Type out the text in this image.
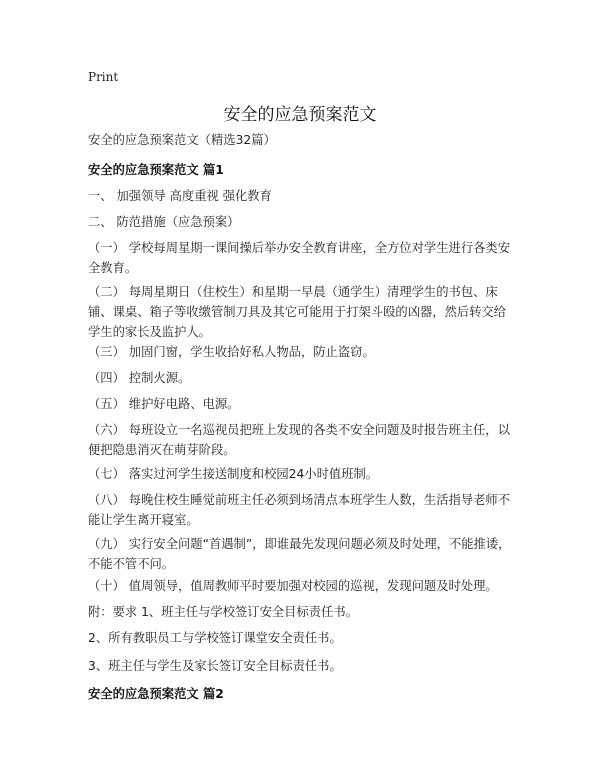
Print
安全的应急预案范文
安全的应急预案范文（精选32篇）
安全的应急预案范文 篇1
一、 加强领导 高度重视 强化教育
二、 防范措施（应急预案）
（一） 学校每周星期一课间操后举办安全教育讲座，全方位对学生进行各类安全教育。
（二） 每周星期日（住校生）和星期一早晨（通学生）清理学生的书包、床铺、课桌、箱子等收缴管制刀具及其它可能用于打架斗殴的凶器，然后转交给学生的家长及监护人。
（三） 加固门窗，学生收拾好私人物品，防止盗窃。
（四） 控制火源。
（五） 维护好电路、电源。
（六） 每班设立一名巡视员把班上发现的各类不安全问题及时报告班主任，以便把隐患消灭在萌芽阶段。
（七） 落实过河学生接送制度和校园24小时值班制。
（八） 每晚住校生睡觉前班主任必须到场清点本班学生人数，生活指导老师不能让学生离开寝室。
（九） 实行安全问题“首遇制”，即谁最先发现问题必须及时处理，不能推诿，不能不管不问。
（十） 值周领导，值周教师平时要加强对校园的巡视，发现问题及时处理。
附：要求 1、班主任与学校签订安全目标责任书。
2、所有教职员工与学校签订课堂安全责任书。
3、班主任与学生及家长签订安全目标责任书。
安全的应急预案范文 篇2
